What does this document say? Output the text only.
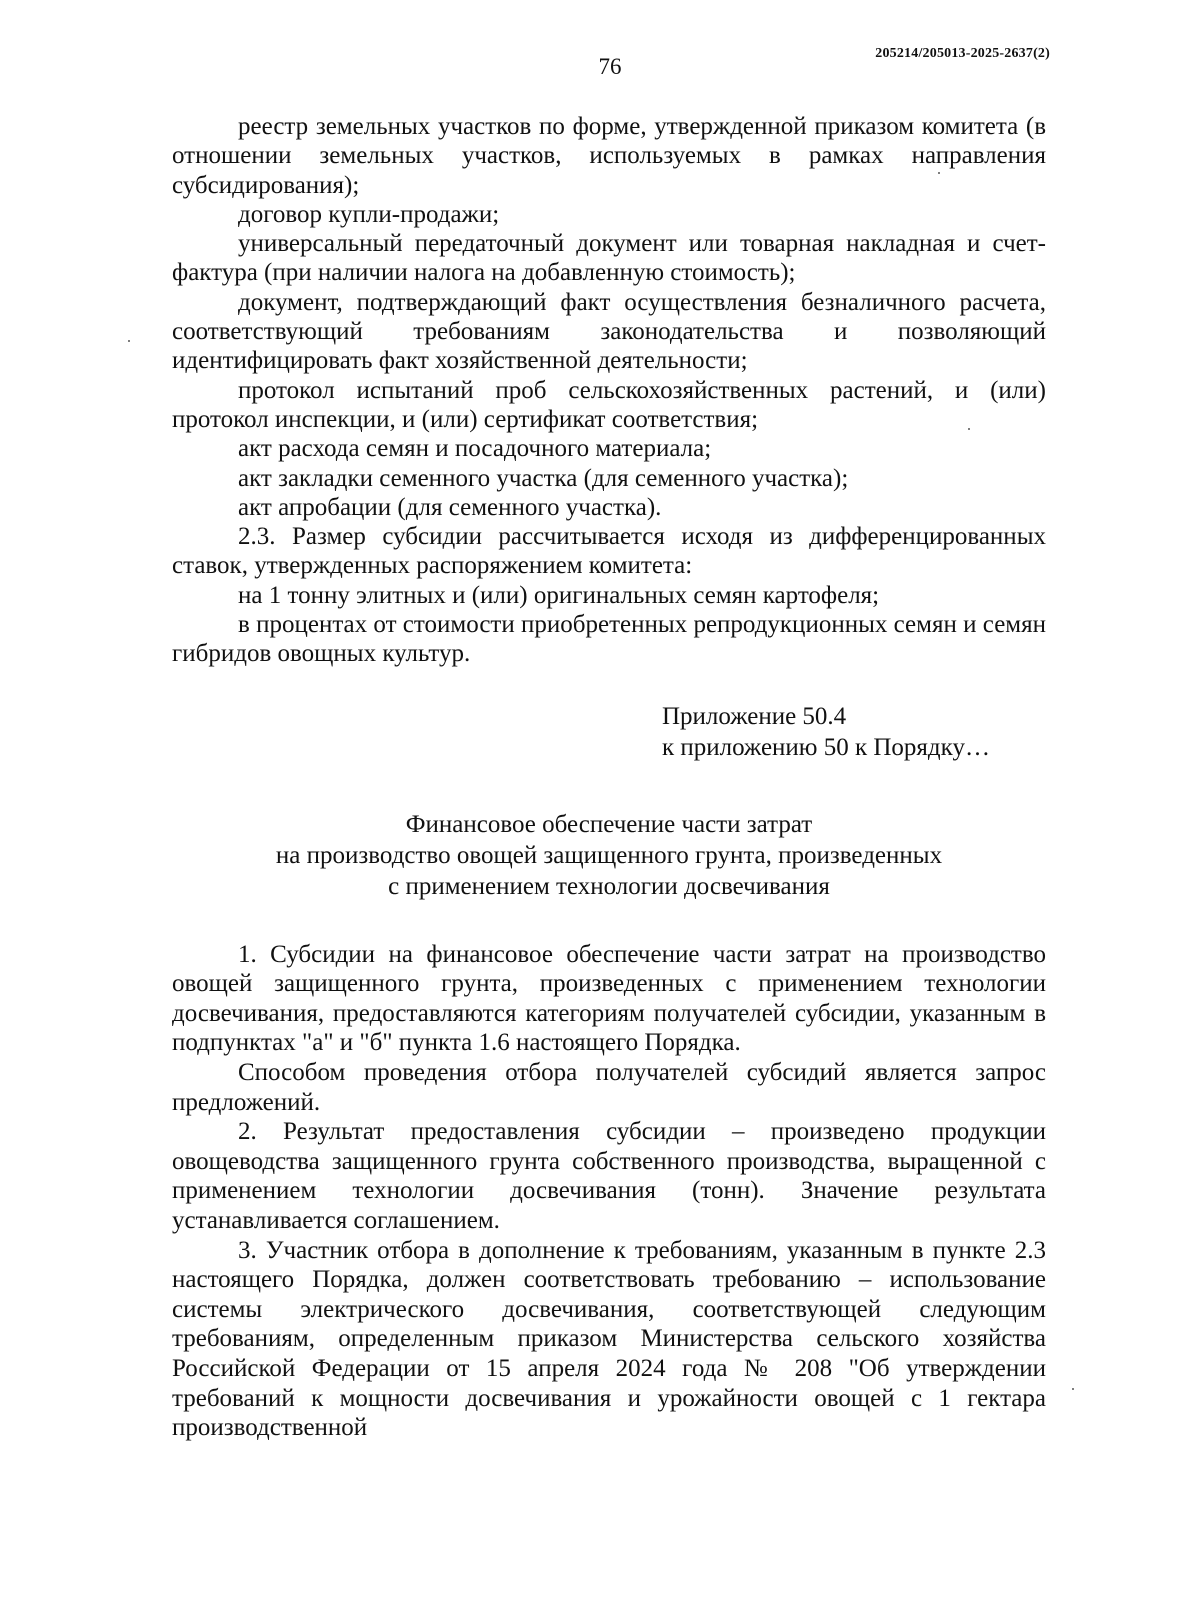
205214/205013-2025-2637(2)
76

реестр земельных участков по форме, утвержденной приказом комитета (в отношении земельных участков, используемых в рамках направления субсидирования);

договор купли-продажи;

универсальный передаточный документ или товарная накладная и счет-фактура (при наличии налога на добавленную стоимость);

документ, подтверждающий факт осуществления безналичного расчета, соответствующий требованиям законодательства и позволяющий идентифицировать факт хозяйственной деятельности;

протокол испытаний проб сельскохозяйственных растений, и (или) протокол инспекции, и (или) сертификат соответствия;

акт расхода семян и посадочного материала;

акт закладки семенного участка (для семенного участка);

акт апробации (для семенного участка).

2.3. Размер субсидии рассчитывается исходя из дифференцированных ставок, утвержденных распоряжением комитета:

на 1 тонну элитных и (или) оригинальных семян картофеля;

в процентах от стоимости приобретенных репродукционных семян и семян гибридов овощных культур.

Приложение 50.4
к приложению 50 к Порядку…
Финансовое обеспечение части затрат
на производство овощей защищенного грунта, произведенных
с применением технологии досвечивания

1. Субсидии на финансовое обеспечение части затрат на производство овощей защищенного грунта, произведенных с применением технологии досвечивания, предоставляются категориям получателей субсидии, указанным в подпунктах "а" и "б" пункта 1.6 настоящего Порядка.

Способом проведения отбора получателей субсидий является запрос предложений.

2. Результат предоставления субсидии – произведено продукции овощеводства защищенного грунта собственного производства, выращенной с применением технологии досвечивания (тонн). Значение результата устанавливается соглашением.

3. Участник отбора в дополнение к требованиям, указанным в пункте 2.3 настоящего Порядка, должен соответствовать требованию – использование системы электрического досвечивания, соответствующей следующим требованиям, определенным приказом Министерства сельского хозяйства Российской Федерации от 15 апреля 2024 года № 208 "Об утверждении требований к мощности досвечивания и урожайности овощей с 1 гектара производственной
